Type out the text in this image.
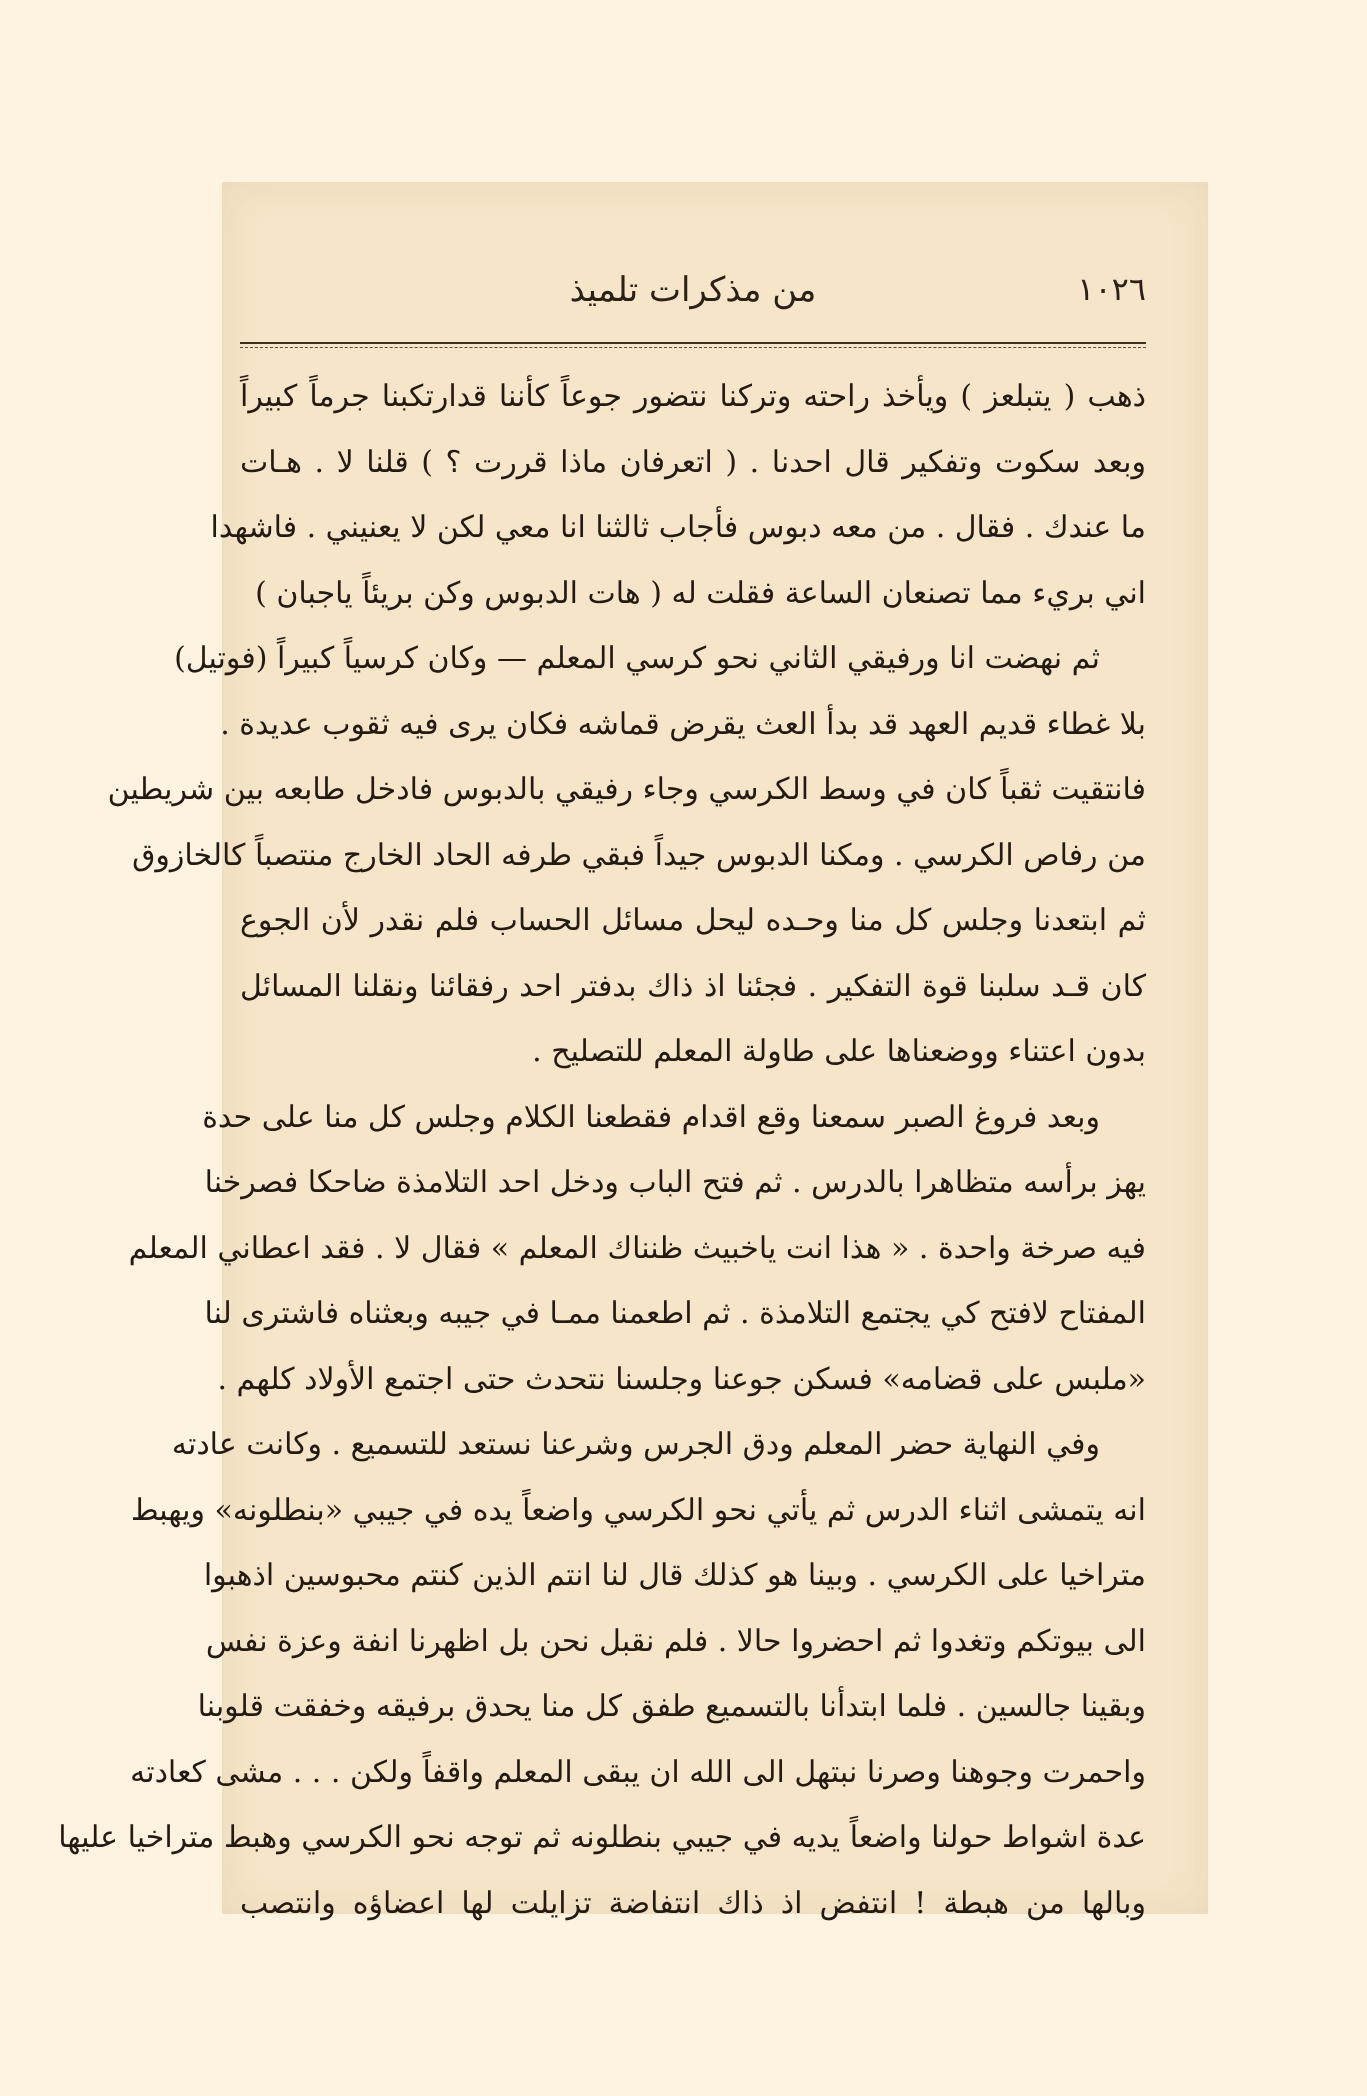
١٠٢٦
من مذكرات تلميذ
ذهب ( يتبلعز ) ويأخذ راحته وتركنا نتضور جوعاً كأننا قدارتكبنا جرماً كبيراً
وبعد سكوت وتفكير قال احدنا . ( اتعرفان ماذا قررت ؟ ) قلنا لا . هـات
ما عندك . فقال . من معه دبوس فأجاب ثالثنا انا معي لكن لا يعنيني . فاشهدا
اني بريء مما تصنعان الساعة فقلت له ( هات الدبوس وكن بريئاً ياجبان )
ثم نهضت انا ورفيقي الثاني نحو كرسي المعلم — وكان كرسياً كبيراً (فوتيل)
بلا غطاء قديم العهد قد بدأ العث يقرض قماشه فكان يرى فيه ثقوب عديدة .
فانتقيت ثقباً كان في وسط الكرسي وجاء رفيقي بالدبوس فادخل طابعه بين شريطين
من رفاص الكرسي . ومكنا الدبوس جيداً فبقي طرفه الحاد الخارج منتصباً كالخازوق
ثم ابتعدنا وجلس كل منا وحـده ليحل مسائل الحساب فلم نقدر لأن الجوع
كان قـد سلبنا قوة التفكير . فجئنا اذ ذاك بدفتر احد رفقائنا ونقلنا المسائل
بدون اعتناء ووضعناها على طاولة المعلم للتصليح .
وبعد فروغ الصبر سمعنا وقع اقدام فقطعنا الكلام وجلس كل منا على حدة
يهز برأسه متظاهرا بالدرس . ثم فتح الباب ودخل احد التلامذة ضاحكا فصرخنا
فيه صرخة واحدة . « هذا انت ياخبيث ظنناك المعلم » فقال لا . فقد اعطاني المعلم
المفتاح لافتح كي يجتمع التلامذة . ثم اطعمنا ممـا في جيبه وبعثناه فاشترى لنا
«ملبس على قضامه» فسكن جوعنا وجلسنا نتحدث حتى اجتمع الأولاد كلهم .
وفي النهاية حضر المعلم ودق الجرس وشرعنا نستعد للتسميع . وكانت عادته
انه يتمشى اثناء الدرس ثم يأتي نحو الكرسي واضعاً يده في جيبي «بنطلونه» ويهبط
متراخيا على الكرسي . وبينا هو كذلك قال لنا انتم الذين كنتم محبوسين اذهبوا
الى بيوتكم وتغدوا ثم احضروا حالا . فلم نقبل نحن بل اظهرنا انفة وعزة نفس
وبقينا جالسين . فلما ابتدأنا بالتسميع طفق كل منا يحدق برفيقه وخفقت قلوبنا
واحمرت وجوهنا وصرنا نبتهل الى الله ان يبقى المعلم واقفاً ولكن . . . مشى كعادته
عدة اشواط حولنا واضعاً يديه في جيبي بنطلونه ثم توجه نحو الكرسي وهبط متراخيا عليها
وبالها من هبطة ! انتفض اذ ذاك انتفاضة تزايلت لها اعضاؤه وانتصب
